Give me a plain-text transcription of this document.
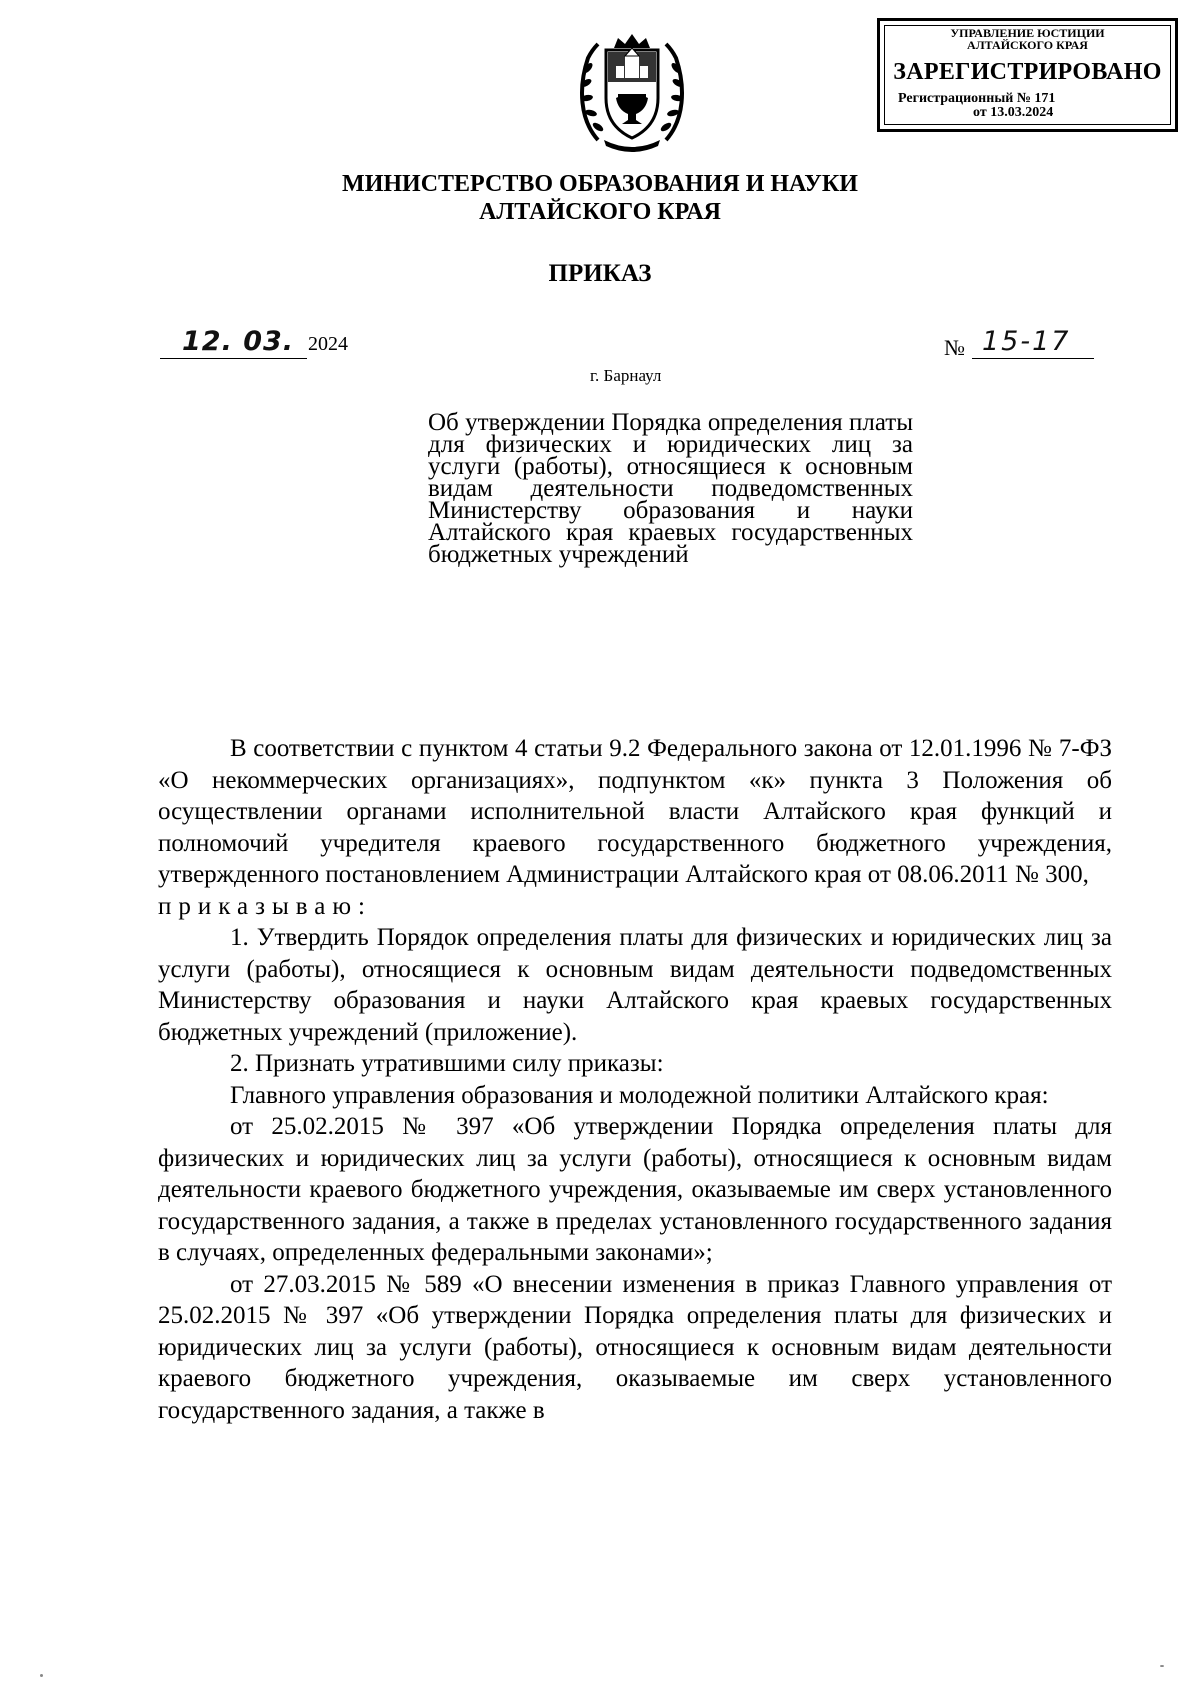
УПРАВЛЕНИЕ ЮСТИЦИИ
АЛТАЙСКОГО КРАЯ
ЗАРЕГИСТРИРОВАНО
Регистрационный № 171
от 13.03.2024
МИНИСТЕРСТВО ОБРАЗОВАНИЯ И НАУКИ
АЛТАЙСКОГО КРАЯ
ПРИКАЗ
12. 03. 2024	№ 15-17
г. Барнаул
Об утверждении Порядка определения платы для физических и юридических лиц за услуги (работы), относящиеся к основным видам деятельности подведомственных Министерству образования и науки Алтайского края краевых государственных бюджетных учреждений

В соответствии с пунктом 4 статьи 9.2 Федерального закона от 12.01.1996 № 7-ФЗ «О некоммерческих организациях», подпунктом «к» пункта 3 Положения об осуществлении органами исполнительной власти Алтайского края функций и полномочий учредителя краевого государственного бюджетного учреждения, утвержденного постановлением Администрации Алтайского края от 08.06.2011 № 300,

приказываю:

1. Утвердить Порядок определения платы для физических и юридических лиц за услуги (работы), относящиеся к основным видам деятельности подведомственных Министерству образования и науки Алтайского края краевых государственных бюджетных учреждений (приложение).

2. Признать утратившими силу приказы:

Главного управления образования и молодежной политики Алтайского края:

от 25.02.2015 № 397 «Об утверждении Порядка определения платы для физических и юридических лиц за услуги (работы), относящиеся к основным видам деятельности краевого бюджетного учреждения, оказываемые им сверх установленного государственного задания, а также в пределах установленного государственного задания в случаях, определенных федеральными законами»;

от 27.03.2015 № 589 «О внесении изменения в приказ Главного управления от 25.02.2015 № 397 «Об утверждении Порядка определения платы для физических и юридических лиц за услуги (работы), относящиеся к основным видам деятельности краевого бюджетного учреждения, оказываемые им сверх установленного государственного задания, а также в
